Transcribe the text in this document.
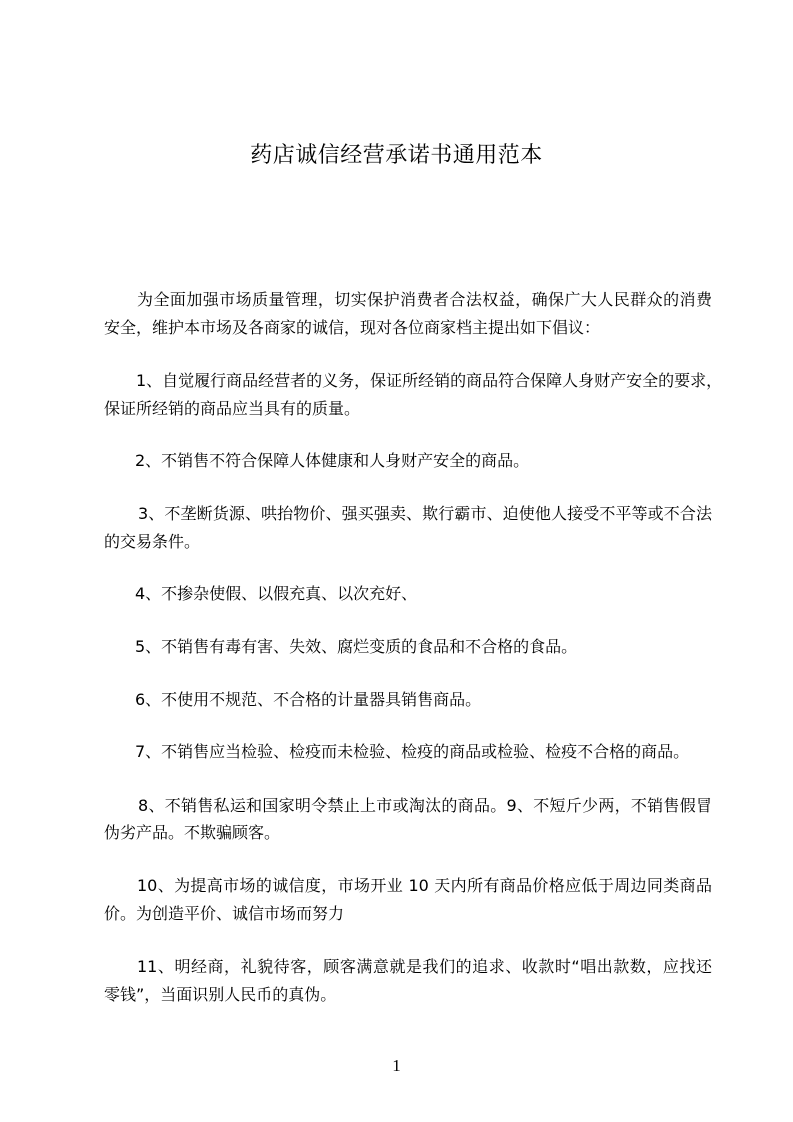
药店诚信经营承诺书通用范本
为全面加强市场质量管理，切实保护消费者合法权益，确保广大人民群众的消费
安全，维护本市场及各商家的诚信，现对各位商家档主提出如下倡议：
1、自觉履行商品经营者的义务，保证所经销的商品符合保障人身财产安全的要求，
保证所经销的商品应当具有的质量。
2、不销售不符合保障人体健康和人身财产安全的商品。
3、不垄断货源、哄抬物价、强买强卖、欺行霸市、迫使他人接受不平等或不合法
的交易条件。
4、不掺杂使假、以假充真、以次充好、
5、不销售有毒有害、失效、腐烂变质的食品和不合格的食品。
6、不使用不规范、不合格的计量器具销售商品。
7、不销售应当检验、检疫而未检验、检疫的商品或检验、检疫不合格的商品。
8、不销售私运和国家明令禁止上市或淘汰的商品。9、不短斤少两，不销售假冒
伪劣产品。不欺骗顾客。
10、为提高市场的诚信度，市场开业 10 天内所有商品价格应低于周边同类商品
价。为创造平价、诚信市场而努力
11、明经商，礼貌待客，顾客满意就是我们的追求、收款时“唱出款数，应找还
零钱”，当面识别人民币的真伪。
1
